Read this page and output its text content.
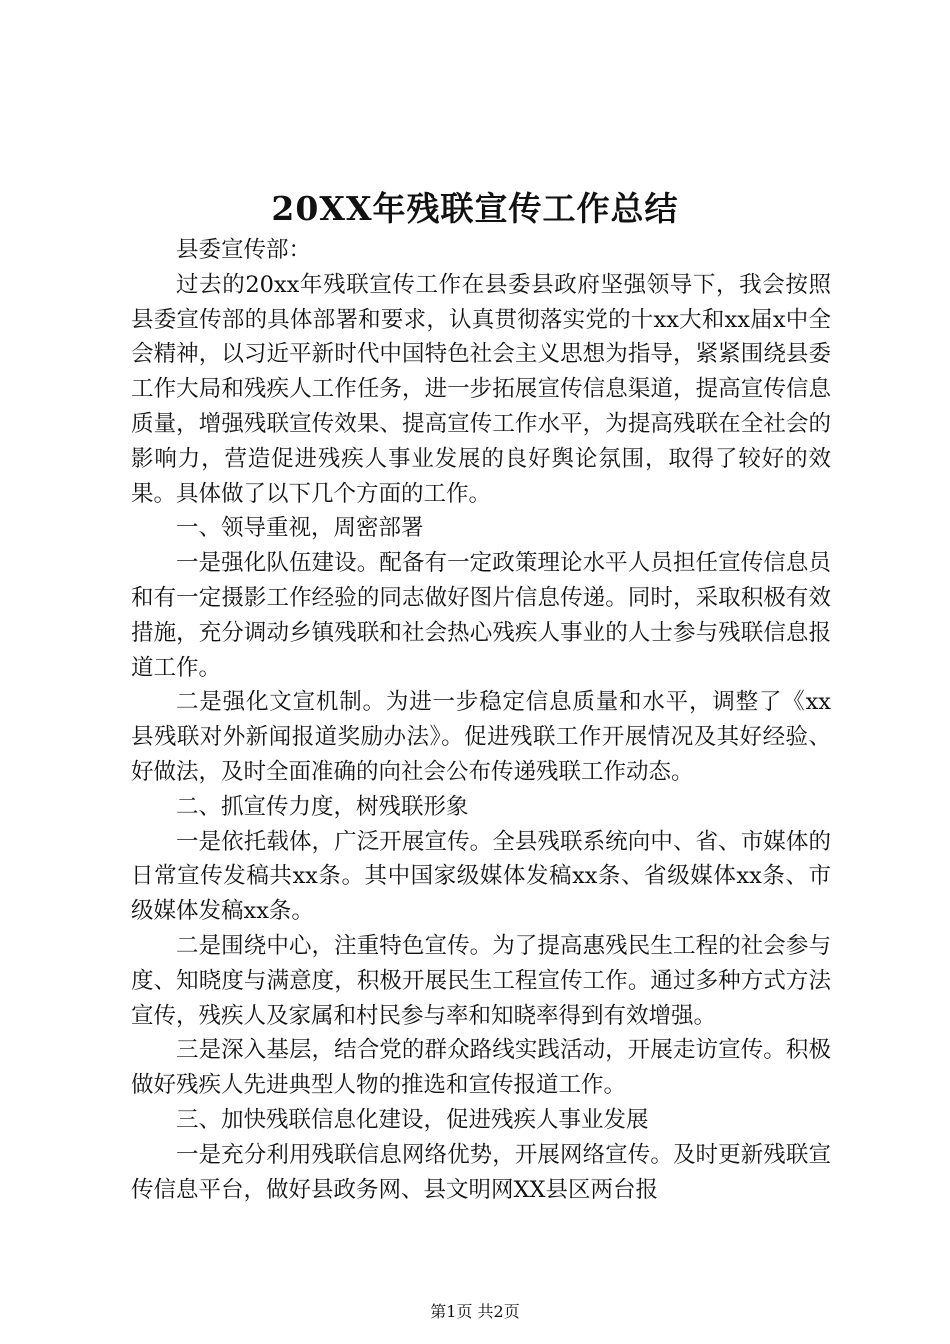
20XX年残联宣传工作总结

县委宣传部：

过去的20xx年残联宣传工作在县委县政府坚强领导下，我会按照县委宣传部的具体部署和要求，认真贯彻落实党的十xx大和xx届x中全会精神，以习近平新时代中国特色社会主义思想为指导，紧紧围绕县委工作大局和残疾人工作任务，进一步拓展宣传信息渠道，提高宣传信息质量，增强残联宣传效果、提高宣传工作水平，为提高残联在全社会的影响力，营造促进残疾人事业发展的良好舆论氛围，取得了较好的效果。具体做了以下几个方面的工作。

一、领导重视，周密部署

一是强化队伍建设。配备有一定政策理论水平人员担任宣传信息员和有一定摄影工作经验的同志做好图片信息传递。同时，采取积极有效措施，充分调动乡镇残联和社会热心残疾人事业的人士参与残联信息报道工作。

二是强化文宣机制。为进一步稳定信息质量和水平，调整了《xx县残联对外新闻报道奖励办法》。促进残联工作开展情况及其好经验、好做法，及时全面准确的向社会公布传递残联工作动态。

二、抓宣传力度，树残联形象

一是依托载体，广泛开展宣传。全县残联系统向中、省、市媒体的日常宣传发稿共xx条。其中国家级媒体发稿xx条、省级媒体xx条、市级媒体发稿xx条。

二是围绕中心，注重特色宣传。为了提高惠残民生工程的社会参与度、知晓度与满意度，积极开展民生工程宣传工作。通过多种方式方法宣传，残疾人及家属和村民参与率和知晓率得到有效增强。

三是深入基层，结合党的群众路线实践活动，开展走访宣传。积极做好残疾人先进典型人物的推选和宣传报道工作。

三、加快残联信息化建设，促进残疾人事业发展

一是充分利用残联信息网络优势，开展网络宣传。及时更新残联宣传信息平台，做好县政务网、县文明网XX县区两台报

第1页 共2页
